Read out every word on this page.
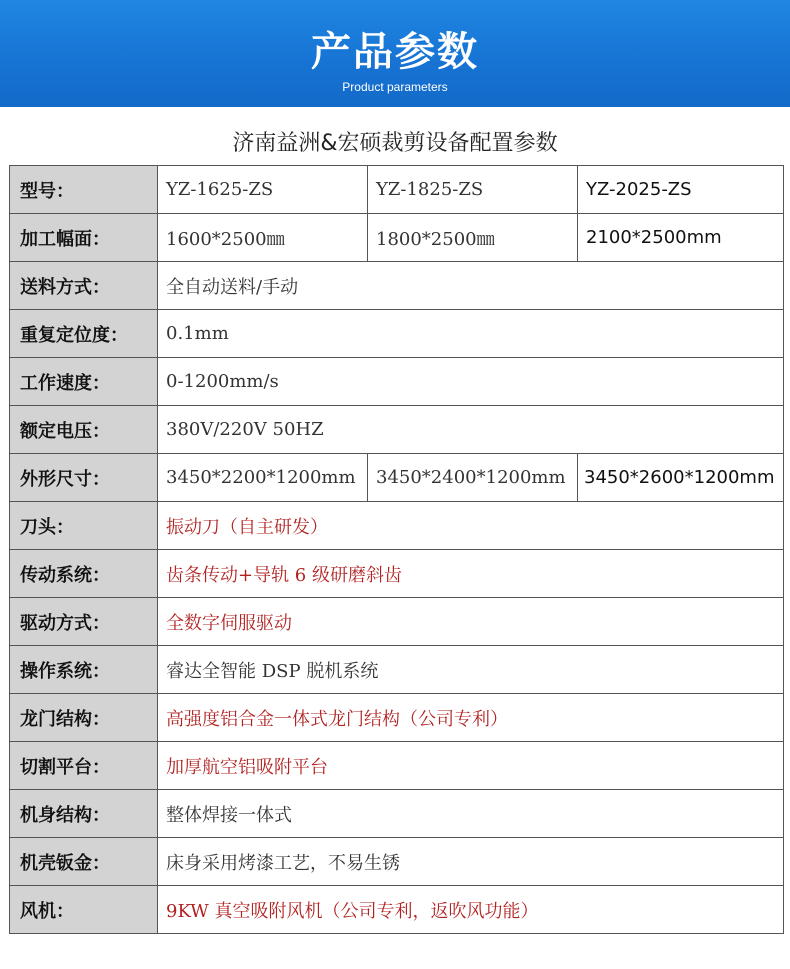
产品参数
Product parameters
济南益洲&宏硕裁剪设备配置参数
型号：	YZ-1625-ZS	YZ-1825-ZS	YZ-2025-ZS
加工幅面：	1600*2500㎜	1800*2500㎜	2100*2500mm
送料方式：	全自动送料/手动		
重复定位度：	0.1mm		
工作速度：	0-1200mm/s		
额定电压：	380V/220V 50HZ		
外形尺寸：	3450*2200*1200mm	3450*2400*1200mm	3450*2600*1200mm
刀头：	振动刀（自主研发）		
传动系统：	齿条传动+导轨 6 级研磨斜齿		
驱动方式：	全数字伺服驱动		
操作系统：	睿达全智能 DSP 脱机系统		
龙门结构：	高强度铝合金一体式龙门结构（公司专利）		
切割平台：	加厚航空铝吸附平台		
机身结构：	整体焊接一体式		
机壳钣金：	床身采用烤漆工艺，不易生锈		
风机：	9KW 真空吸附风机（公司专利，返吹风功能）		
